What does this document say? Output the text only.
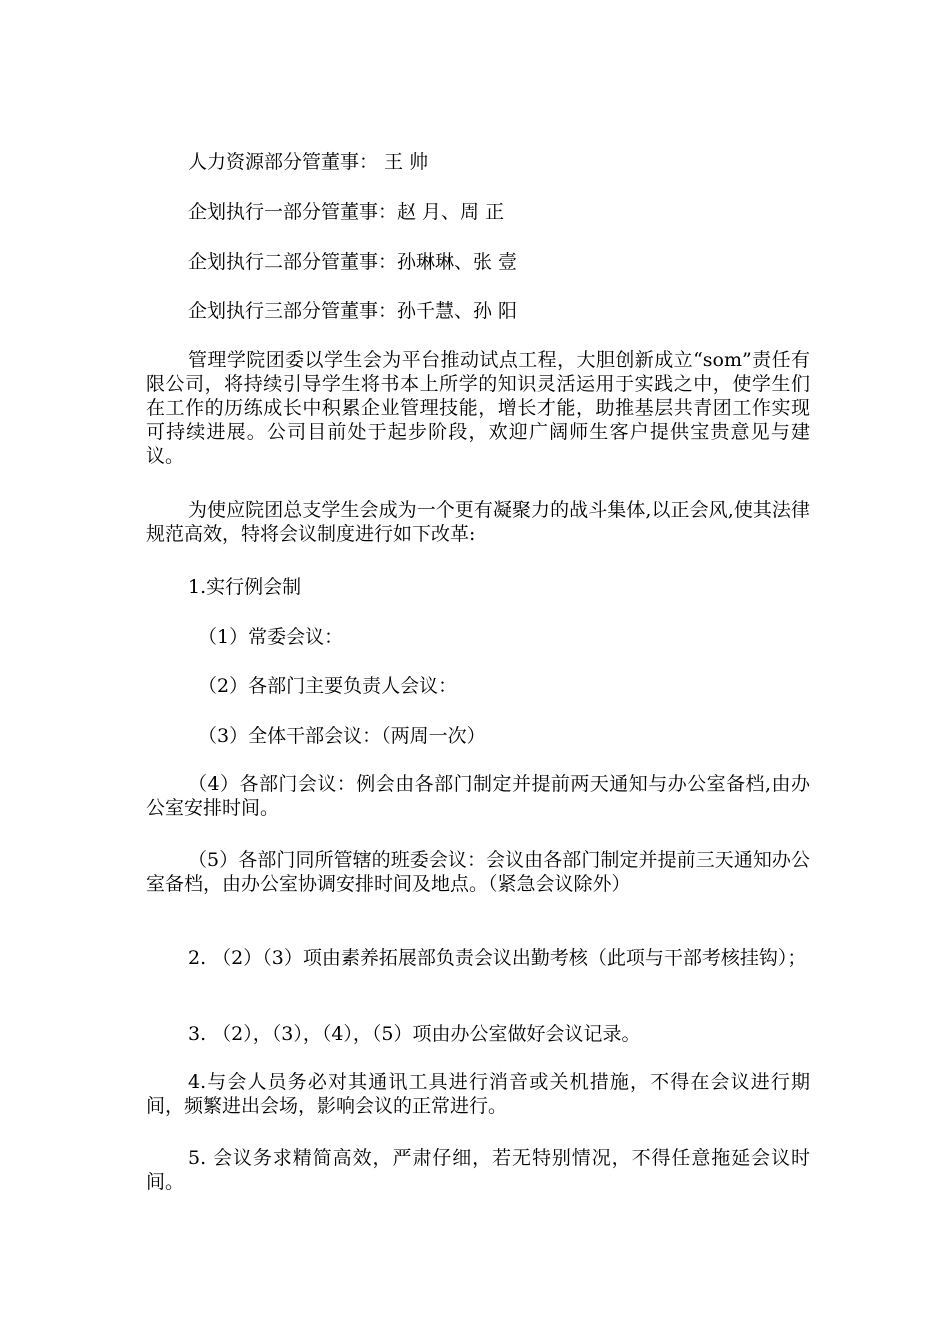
人力资源部分管董事： 王 帅
企划执行一部分管董事：赵 月、周 正
企划执行二部分管董事：孙琳琳、张 壹
企划执行三部分管董事：孙千慧、孙 阳
管理学院团委以学生会为平台推动试点工程，大胆创新成立“som”责任有限公司，将持续引导学生将书本上所学的知识灵活运用于实践之中，使学生们在工作的历练成长中积累企业管理技能，增长才能，助推基层共青团工作实现可持续进展。公司目前处于起步阶段，欢迎广阔师生客户提供宝贵意见与建议。
为使应院团总支学生会成为一个更有凝聚力的战斗集体,以正会风,使其法律规范高效，特将会议制度进行如下改革:
1.实行例会制
（1）常委会议：
（2）各部门主要负责人会议：
（3）全体干部会议：（两周一次）
（4）各部门会议：例会由各部门制定并提前两天通知与办公室备档,由办公室安排时间。
（5）各部门同所管辖的班委会议：会议由各部门制定并提前三天通知办公室备档，由办公室协调安排时间及地点。（紧急会议除外）
2. （2）（3）项由素养拓展部负责会议出勤考核（此项与干部考核挂钩）；
3. （2），（3），（4），（5）项由办公室做好会议记录。
4.与会人员务必对其通讯工具进行消音或关机措施，不得在会议进行期间，频繁进出会场，影响会议的正常进行。
5. 会议务求精简高效，严肃仔细，若无特别情况，不得任意拖延会议时间。
